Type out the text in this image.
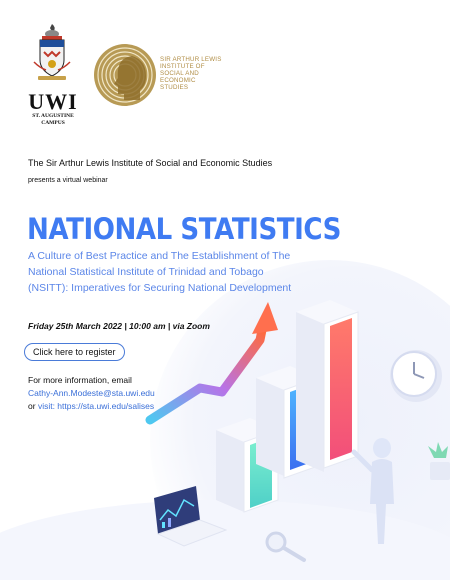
UWI
ST. AUGUSTINE
CAMPUS
SIR ARTHUR LEWIS
INSTITUTE OF
SOCIAL AND
ECONOMIC
STUDIES
The Sir Arthur Lewis Institute of Social and Economic Studies
presents a virtual webinar
NATIONAL STATISTICS
A Culture of Best Practice and The Establishment of The
National Statistical Institute of Trinidad and Tobago
(NSITT): Imperatives for Securing National Development
Friday 25th March 2022 | 10:00 am | via Zoom
Click here to register
For more information, email
Cathy-Ann.Modeste@sta.uwi.edu
or visit: https://sta.uwi.edu/salises
